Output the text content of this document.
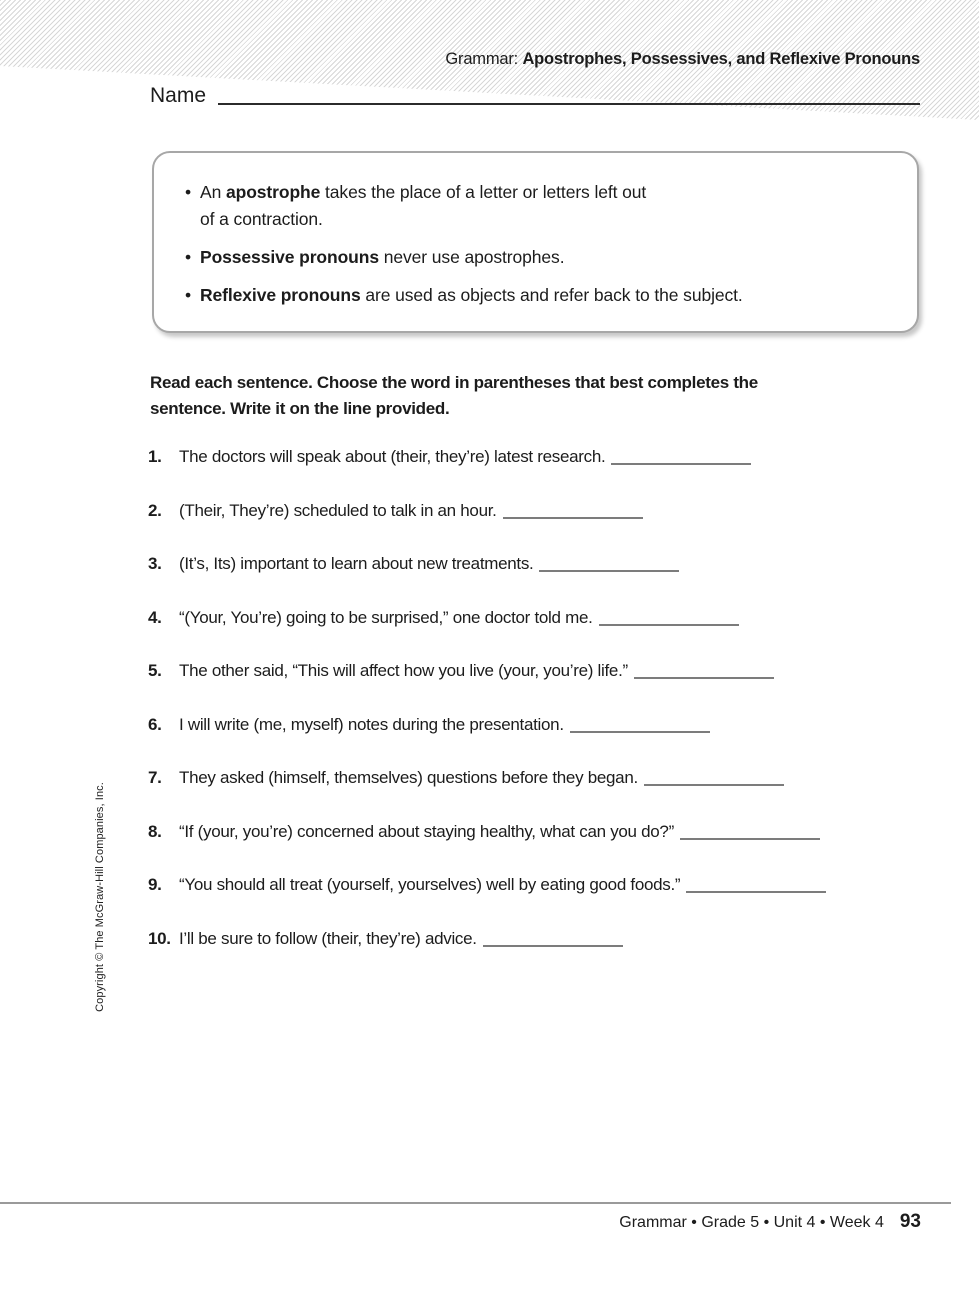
Grammar: Apostrophes, Possessives, and Reflexive Pronouns
Name
• An apostrophe takes the place of a letter or letters left out
of a contraction.
• Possessive pronouns never use apostrophes.
• Reflexive pronouns are used as objects and refer back to the subject.
Read each sentence. Choose the word in parentheses that best completes the
sentence. Write it on the line provided.
1. The doctors will speak about (their, they’re) latest research.
2. (Their, They’re) scheduled to talk in an hour.
3. (It’s, Its) important to learn about new treatments.
4. “(Your, You’re) going to be surprised,” one doctor told me.
5. The other said, “This will affect how you live (your, you’re) life.”
6. I will write (me, myself) notes during the presentation.
7. They asked (himself, themselves) questions before they began.
8. “If (your, you’re) concerned about staying healthy, what can you do?”
9. “You should all treat (yourself, yourselves) well by eating good foods.”
10. I’ll be sure to follow (their, they’re) advice.
Copyright © The McGraw-Hill Companies, Inc.
Grammar • Grade 5 • Unit 4 • Week 4 93
